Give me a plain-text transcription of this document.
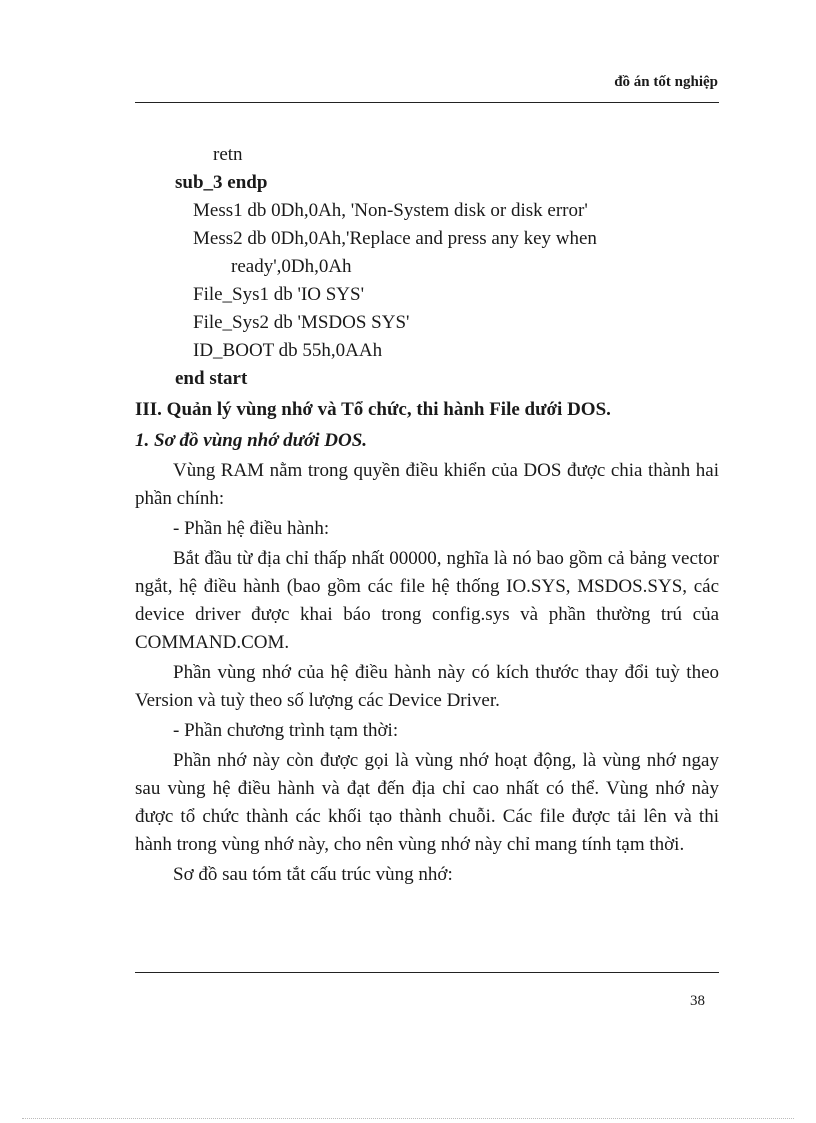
đồ án tốt nghiệp
retn
sub_3 endp
Mess1 db 0Dh,0Ah, 'Non-System disk or disk error'
Mess2 db 0Dh,0Ah,'Replace and press any key when
ready',0Dh,0Ah
File_Sys1 db 'IO SYS'
File_Sys2 db 'MSDOS SYS'
ID_BOOT db 55h,0AAh
end start
III. Quản lý vùng nhớ và Tổ chức, thi hành File dưới DOS.
1. Sơ đồ vùng nhớ dưới DOS.

Vùng RAM nằm trong quyền điều khiển của DOS được chia thành hai phần chính:

- Phần hệ điều hành:

Bắt đầu từ địa chỉ thấp nhất 00000, nghĩa là nó bao gồm cả bảng vector ngắt, hệ điều hành (bao gồm các file hệ thống IO.SYS, MSDOS.SYS, các device driver được khai báo trong config.sys và phần thường trú của COMMAND.COM.

Phần vùng nhớ của hệ điều hành này có kích thước thay đổi tuỳ theo Version và tuỳ theo số lượng các Device Driver.

- Phần chương trình tạm thời:

Phần nhớ này còn được gọi là vùng nhớ hoạt động, là vùng nhớ ngay sau vùng hệ điều hành và đạt đến địa chỉ cao nhất có thể. Vùng nhớ này được tổ chức thành các khối tạo thành chuỗi. Các file được tải lên và thi hành trong vùng nhớ này, cho nên vùng nhớ này chỉ mang tính tạm thời.

Sơ đồ sau tóm tắt cấu trúc vùng nhớ:

38
